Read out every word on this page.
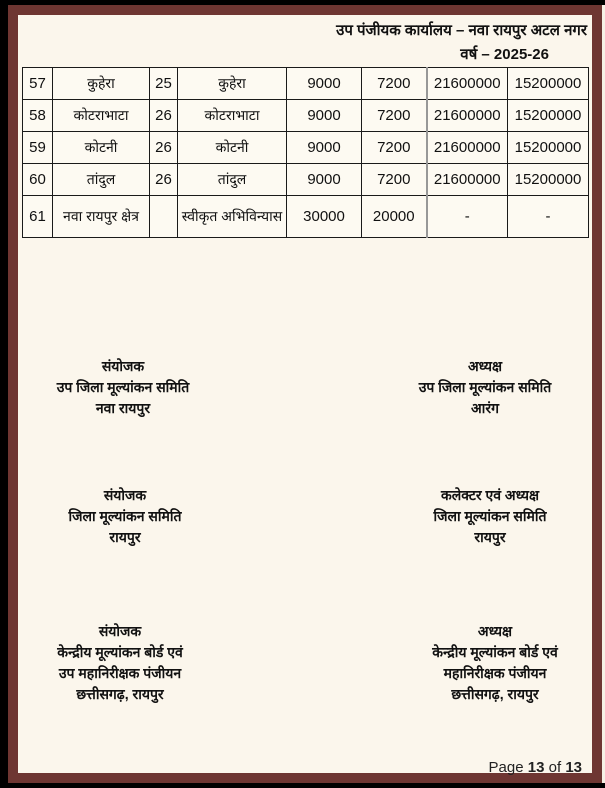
उप पंजीयक कार्यालय – नवा रायपुर अटल नगर
वर्ष – 2025-26
57	कुहेरा	25	कुहेरा	9000	7200	21600000	15200000
58	कोटराभाटा	26	कोटराभाटा	9000	7200	21600000	15200000
59	कोटनी	26	कोटनी	9000	7200	21600000	15200000
60	तांदुल	26	तांदुल	9000	7200	21600000	15200000
61	नवा रायपुर क्षेत्र		स्वीकृत अभिविन्यास	30000	20000	-	-
संयोजक
उप जिला मूल्यांकन समिति
नवा रायपुर
अध्यक्ष
उप जिला मूल्यांकन समिति
आरंग
संयोजक
जिला मूल्यांकन समिति
रायपुर
कलेक्टर एवं अध्यक्ष
जिला मूल्यांकन समिति
रायपुर
संयोजक
केन्द्रीय मूल्यांकन बोर्ड एवं
उप महानिरीक्षक पंजीयन
छत्तीसगढ़, रायपुर
अध्यक्ष
केन्द्रीय मूल्यांकन बोर्ड एवं
महानिरीक्षक पंजीयन
छत्तीसगढ़, रायपुर
Page 13 of 13
